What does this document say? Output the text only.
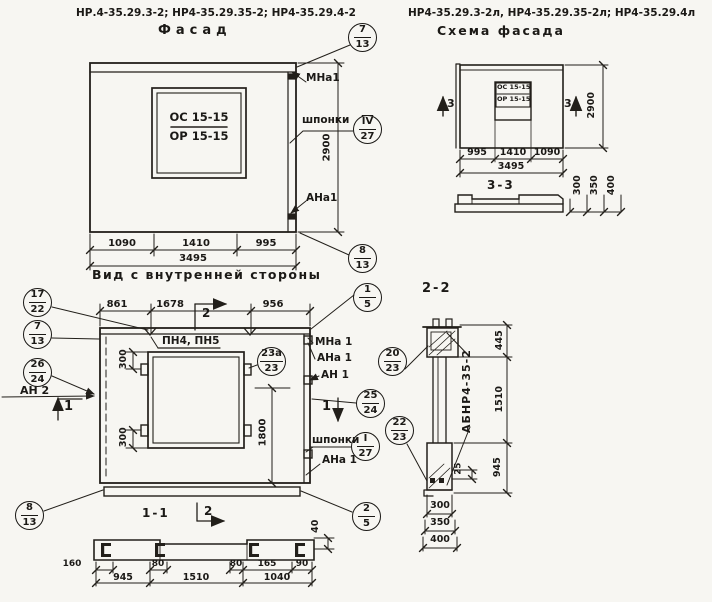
НР.4-35.29.3-2; НР4-35.29.35-2; НР4-35.29.4-2
Фасад
НР4-35.29.3-2л, НР4-35.29.35-2л; НР4-35.29.4л
Схема фасада
ОС 15-15
ОР 15-15
МНа1
шпонки
АНа1
2900
1090	1410	995
3495
Вид с внутренней стороны
ОС 15-15
ОР 15-15
3	3
995	1410 1090
3495
2900
3-3	300 350 400
861	1678	956
2
ПН4, ПН5	МНа 1
АНа 1
АН 1
АН 2
шпонки
АНа 1
300
300	1800
1	1
1-1	2
160	80	80	165	90
945	1510	1040
40
2-2
АБНР4-35-2
445
1510
945
25
300
350
400
$\frac{7}{13}$
$\frac{\overline{IV}}{27}$
$\frac{8}{13}$
$\frac{17}{22}$
$\frac{7}{13}$
$\frac{26}{24}$
$\frac{1}{5}$
23а
23
$\frac{25}{24}$
$\frac{\overline{I}}{27}$
$\frac{2}{5}$
$\frac{8}{13}$
$\frac{20}{23}$
$\frac{22}{23}$
